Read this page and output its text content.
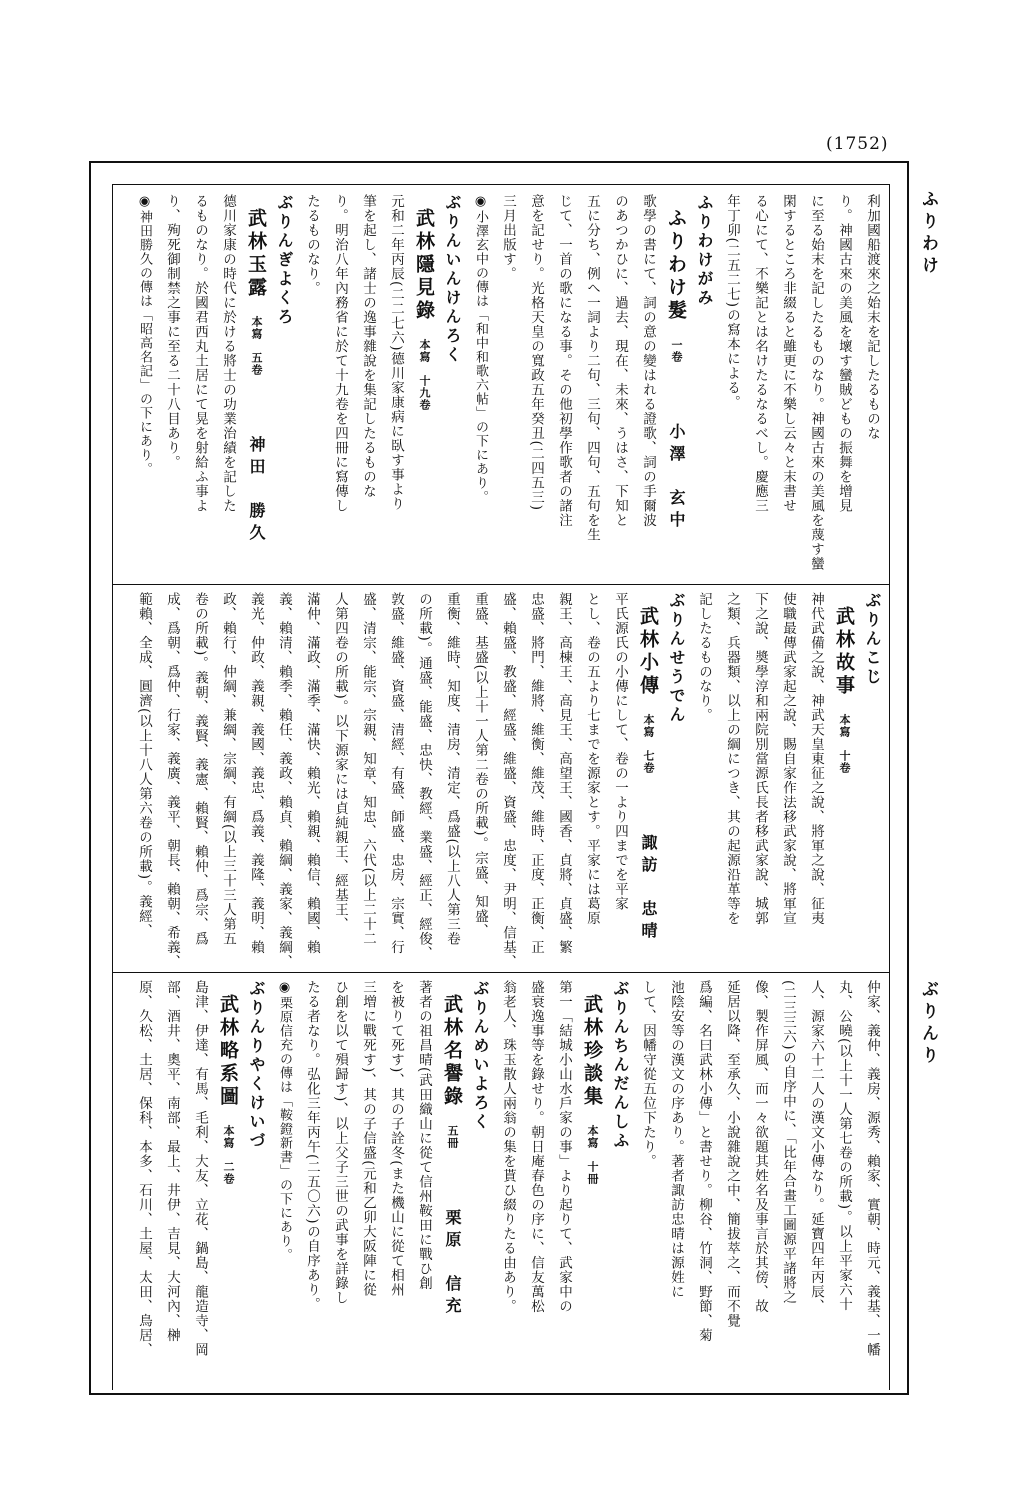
(1752)
ふりわけ
ぶりんり

利加國船渡來之始末を記したるものな

り。神國古來の美風を壞す蠻賊どもの振舞を增見

に至る始末を記したるものなり。神國古來の美風を蔑す蠻

閑するところ非綴ると雖更に不樂し云々と末書せ

る心にて、不樂記とは名けたるなるべし。慶應三

年丁卯(二五二七)の寫本による。

ふりわけがみ

ふりわけ髮一卷小澤　玄中

歌學の書にて、詞の意の變はれる證歌、詞の手爾波

のあつかひに、過去、現在、未來、うはさ、下知と

五に分ち、例へ一詞より二句、三句、四句、五句を生

じて、一首の歌になる事。その他初學作歌者の諸注

意を記せり。光格天皇の寬政五年癸丑(二四五三)

三月出版す。

◉小澤玄中の傳は「和中和歌六帖」の下にあり。

ぶりんいんけんろく

武林隱見錄本寫　十九卷

元和二年丙辰(二二七六)德川家康病に臥す事より

筆を起し、諸士の逸事雜說を集記したるものな

り。明治八年內務省に於て十九卷を四冊に寫傳し

たるものなり。

ぶりんぎよくろ

武林玉露本寫　五卷神田　勝久

德川家康の時代に於ける將士の功業治績を記した

るものなり。於國君西丸土居にて晃を射給ふ事よ

り、殉死御制禁之事に至る二十八目あり。

◉神田勝久の傳は「昭高名記」の下にあり。

ぶりんこじ

武林故事本寫　十卷

神代武備之說、神武天皇東征之說、將軍之說、征夷

使職最傳武家起之說、賜自家作法移武家說、將軍宣

下之說、奬學淳和兩院別當源氏長者移武家說、城郭

之類、兵器類、以上の綱につき、其の起源沿革等を

記したるものなり。

ぶりんせうでん

武林小傳本寫　七卷諏訪　忠晴

平氏源氏の小傳にして、卷の一より四までを平家

とし、卷の五より七までを源家とす。平家には葛原

親王、高棟王、高見王、高望王、國香、貞將、貞盛、繁

忠盛、將門、維將、維衡、維茂、維時、正度、正衡、正

盛、賴盛、教盛、經盛、維盛、資盛、忠度、尹明、信基、

重盛、基盛(以上十一人第二卷の所載)。宗盛、知盛、

重衡、維時、知度、清房、清定、爲盛(以上八人第三卷

の所載)。通盛、能盛、忠快、教經、業盛、經正、經俊、

敦盛、維盛、資盛、清經、有盛、師盛、忠房、宗實、行

盛、清宗、能宗、宗親、知章、知忠、六代(以上二十二

人第四卷の所載)。以下源家には貞純親王、經基王、

滿仲、滿政、滿季、滿快、賴光、賴親、賴信、賴國、賴

義、賴清、賴季、賴任、義政、賴貞、賴綱、義家、義綱、

義光、仲政、義親、義國、義忠、爲義、義隆、義明、賴

政、賴行、仲綱、兼綱、宗綱、有綱(以上三十三人第五

卷の所載)。義朝、義賢、義憲、賴賢、賴仲、爲宗、爲

成、爲朝、爲仲、行家、義廣、義平、朝長、賴朝、希義、

範賴、全成、圓濟(以上十八人第六卷の所載)。義經、

仲家、義仲、義房、源秀、賴家、實朝、時元、義基、一幡

丸、公曉(以上十一人第七卷の所載)。以上平家六十

人、源家六十二人の漢文小傳なり。延寶四年丙辰、

(二三三六)の自序中に、「比年合畫工圖源平諸將之

像、製作屏風、而一々欲題其姓名及事言於其傍、故

延居以降、至承久、小說雜說之中、簡拔萃之、而不覺

爲編、名曰武林小傳」と書せり。柳谷、竹洞、野節、菊

池陰安等の漢文の序あり。著者諏訪忠晴は源姓に

して、因幡守從五位下たり。

ぶりんちんだんしふ

武林珍談集本寫　十冊

第一「結城小山水戶家の事」より起りて、武家中の

盛衰逸事等を錄せり。朝日庵春色の序に、信友萬松

翁老人、珠玉散人兩翁の集を貰ひ綴りたる由あり。

ぶりんめいよろく

武林名譽錄五冊栗原　信充

著者の祖昌晴(武田織山に從て信州鞍田に戰ひ創

を被りて死す)、其の子詮冬(また機山に從て相州

三増に戰死す)、其の子信盛(元和乙卯大阪陣に從

ひ創を以て殞歸す)、以上父子三世の武事を詳錄し

たる者なり。弘化三年丙午(二五〇六)の自序あり。

◉栗原信充の傳は「鞍鐙新書」の下にあり。

ぶりんりやくけいづ

武林略系圖本寫　二卷

島津、伊達、有馬、毛利、大友、立花、鍋島、龍造寺、岡

部、酒井、奧平、南部、最上、井伊、吉見、大河內、榊

原、久松、土居、保科、本多、石川、土屋、太田、鳥居、
